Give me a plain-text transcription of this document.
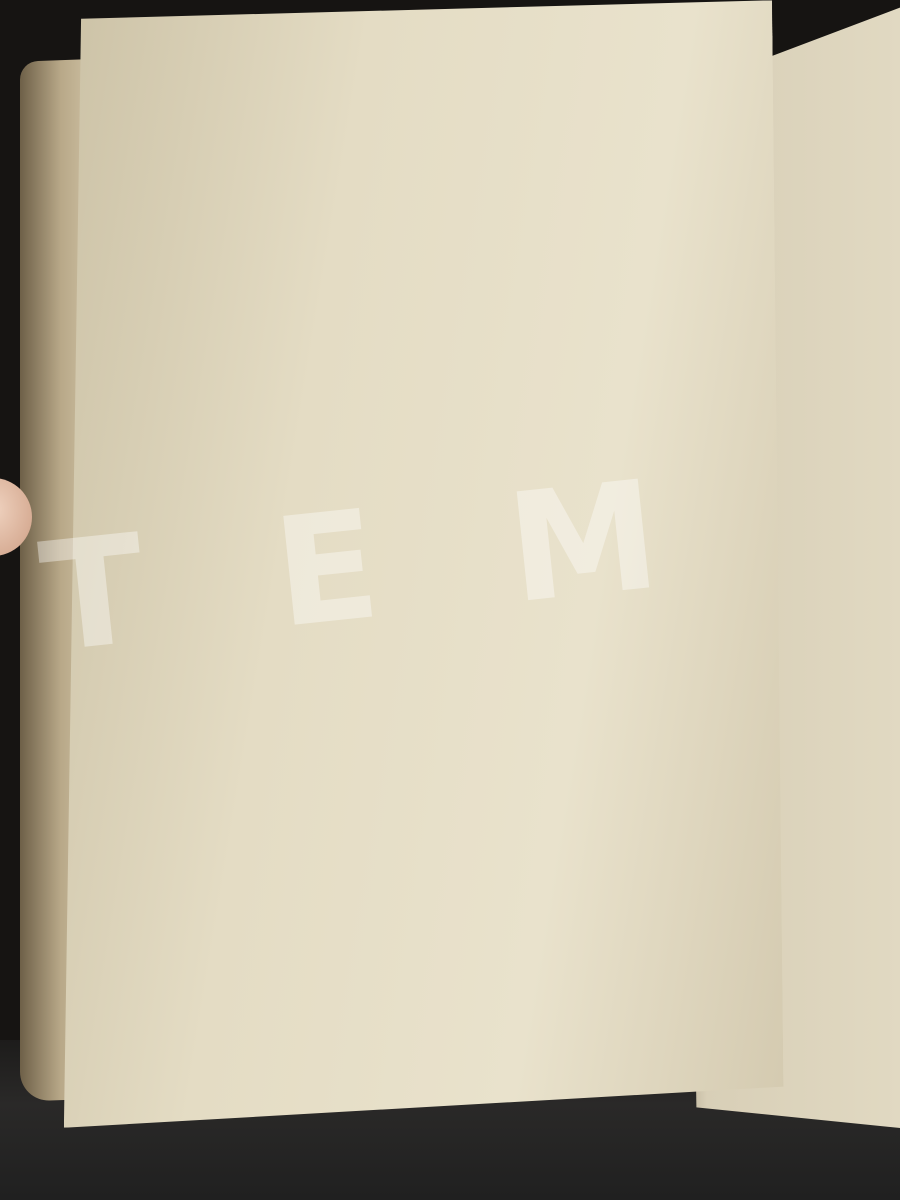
T E M
